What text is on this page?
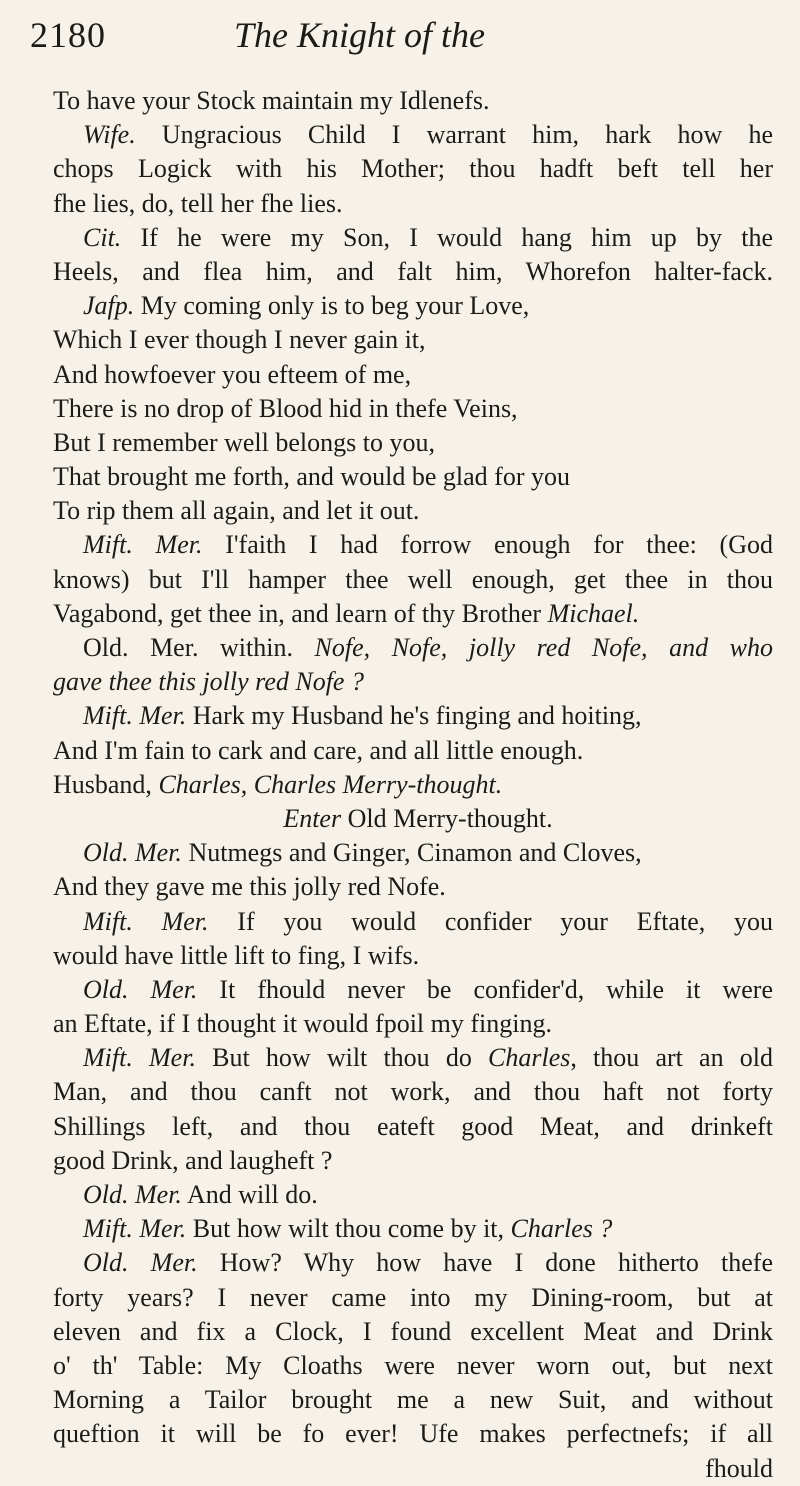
2180	The Knight of the
To have your Stock maintain my Idlenefs.
Wife. Ungracious Child I warrant him, hark how he
chops Logick with his Mother; thou hadft beft tell her
fhe lies, do, tell her fhe lies.
Cit. If he were my Son, I would hang him up by the
Heels, and flea him, and falt him, Whorefon halter-fack.
Jafp. My coming only is to beg your Love,
Which I ever though I never gain it,
And howfoever you efteem of me,
There is no drop of Blood hid in thefe Veins,
But I remember well belongs to you,
That brought me forth, and would be glad for you
To rip them all again, and let it out.
Mift. Mer. I'faith I had forrow enough for thee: (God
knows) but I'll hamper thee well enough, get thee in thou
Vagabond, get thee in, and learn of thy Brother Michael.
Old. Mer. within. Nofe, Nofe, jolly red Nofe, and who
gave thee this jolly red Nofe ?
Mift. Mer. Hark my Husband he's finging and hoiting,
And I'm fain to cark and care, and all little enough.
Husband, Charles, Charles Merry-thought.
Enter Old Merry-thought.
Old. Mer. Nutmegs and Ginger, Cinamon and Cloves,
And they gave me this jolly red Nofe.
Mift. Mer. If you would confider your Eftate, you
would have little lift to fing, I wifs.
Old. Mer. It fhould never be confider'd, while it were
an Eftate, if I thought it would fpoil my finging.
Mift. Mer. But how wilt thou do Charles, thou art an old
Man, and thou canft not work, and thou haft not forty
Shillings left, and thou eateft good Meat, and drinkeft
good Drink, and laugheft ?
Old. Mer. And will do.
Mift. Mer. But how wilt thou come by it, Charles ?
Old. Mer. How? Why how have I done hitherto thefe
forty years? I never came into my Dining-room, but at
eleven and fix a Clock, I found excellent Meat and Drink
o' th' Table: My Cloaths were never worn out, but next
Morning a Tailor brought me a new Suit, and without
queftion it will be fo ever! Ufe makes perfectnefs; if all
fhould
